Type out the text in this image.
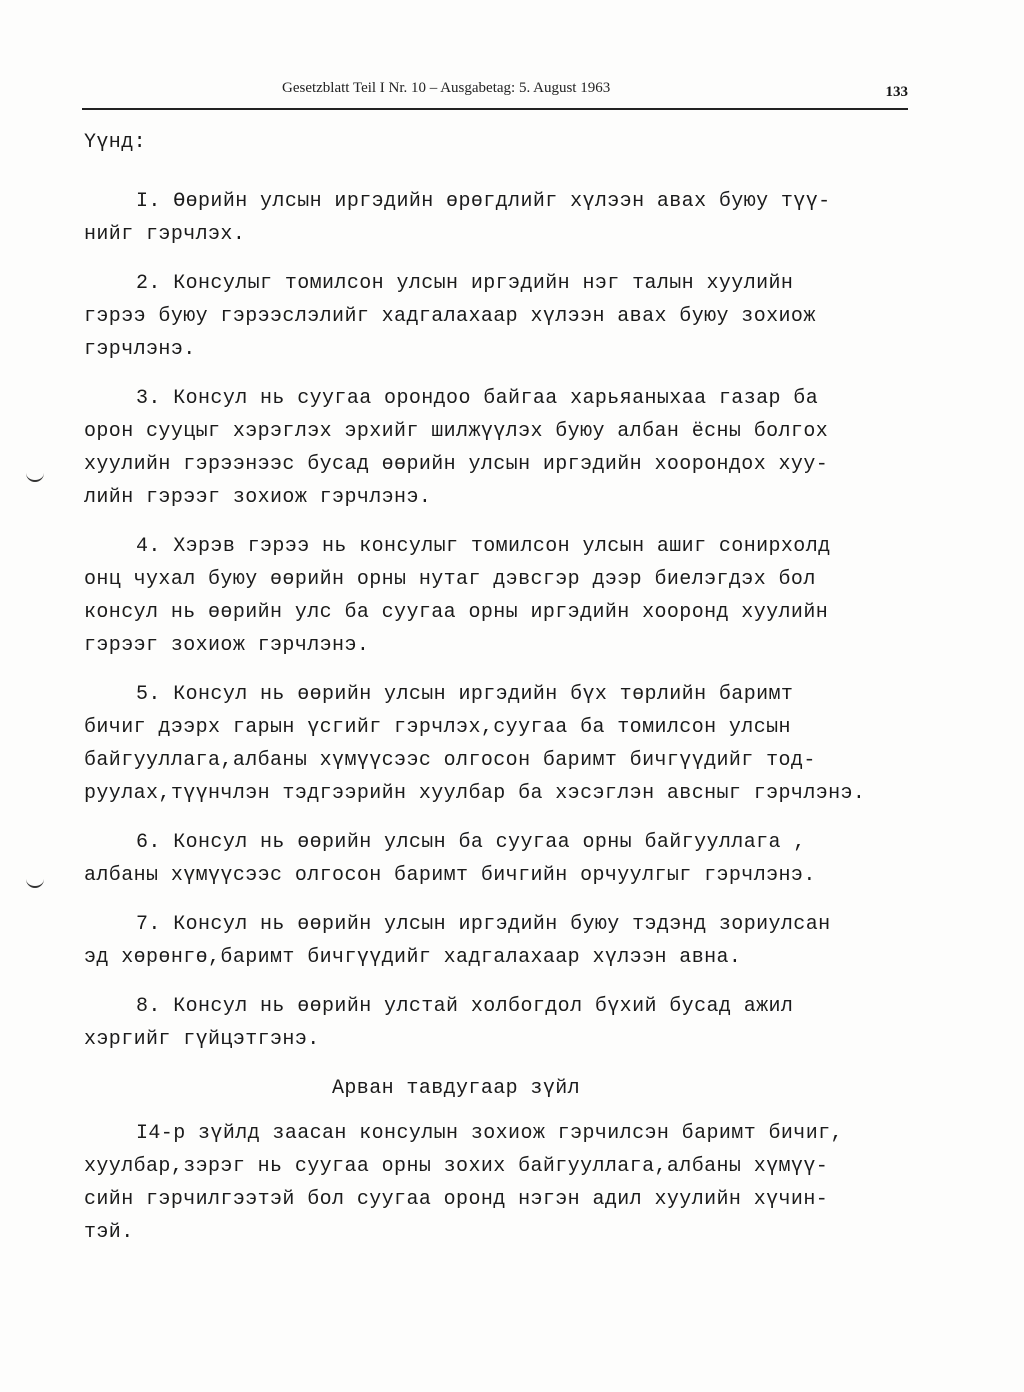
Gesetzblatt Teil I Nr. 10 – Ausgabetag: 5. August 1963	133
Үүнд:
I. Өөрийн улсын иргэдийн өрөгдлийг хүлээн авах буюу түү-
нийг гэрчлэх.
2. Консулыг томилсон улсын иргэдийн нэг талын хуулийн
гэрээ буюу гэрээслэлийг хадгалахаар хүлээн авах буюу зохиож
гэрчлэнэ.
3. Консул нь суугаа орондоо байгаа харьяаныхаа газар ба
орон сууцыг хэрэглэх эрхийг шилжүүлэх буюу албан ёсны болгох
хуулийн гэрээнээс бусад өөрийн улсын иргэдийн хоорондох хуу-
лийн гэрээг зохиож гэрчлэнэ.
4. Хэрэв гэрээ нь консулыг томилсон улсын ашиг сонирхолд
онц чухал буюу өөрийн орны нутаг дэвсгэр дээр биелэгдэх бол
консул нь өөрийн улс ба суугаа орны иргэдийн хооронд хуулийн
гэрээг зохиож гэрчлэнэ.
5. Консул нь өөрийн улсын иргэдийн бүх төрлийн баримт
бичиг дээрх гарын үсгийг гэрчлэх,суугаа ба томилсон улсын
байгууллага,албаны хүмүүсээс олгосон баримт бичгүүдийг тод-
руулах,түүнчлэн тэдгээрийн хуулбар ба хэсэглэн авсныг гэрчлэнэ.
6. Консул нь өөрийн улсын ба суугаа орны байгууллага ,
албаны хүмүүсээс олгосон баримт бичгийн орчуулгыг гэрчлэнэ.
7. Консул нь өөрийн улсын иргэдийн буюу тэдэнд зориулсан
эд хөрөнгө,баримт бичгүүдийг хадгалахаар хүлээн авна.
8. Консул нь өөрийн улстай холбогдол бүхий бусад ажил
хэргийг гүйцэтгэнэ.
Арван тавдугаар зүйл
I4-р зүйлд заасан консулын зохиож гэрчилсэн баримт бичиг,
хуулбар,зэрэг нь суугаа орны зохих байгууллага,албаны хүмүү-
сийн гэрчилгээтэй бол суугаа оронд нэгэн адил хуулийн хүчин-
тэй.
